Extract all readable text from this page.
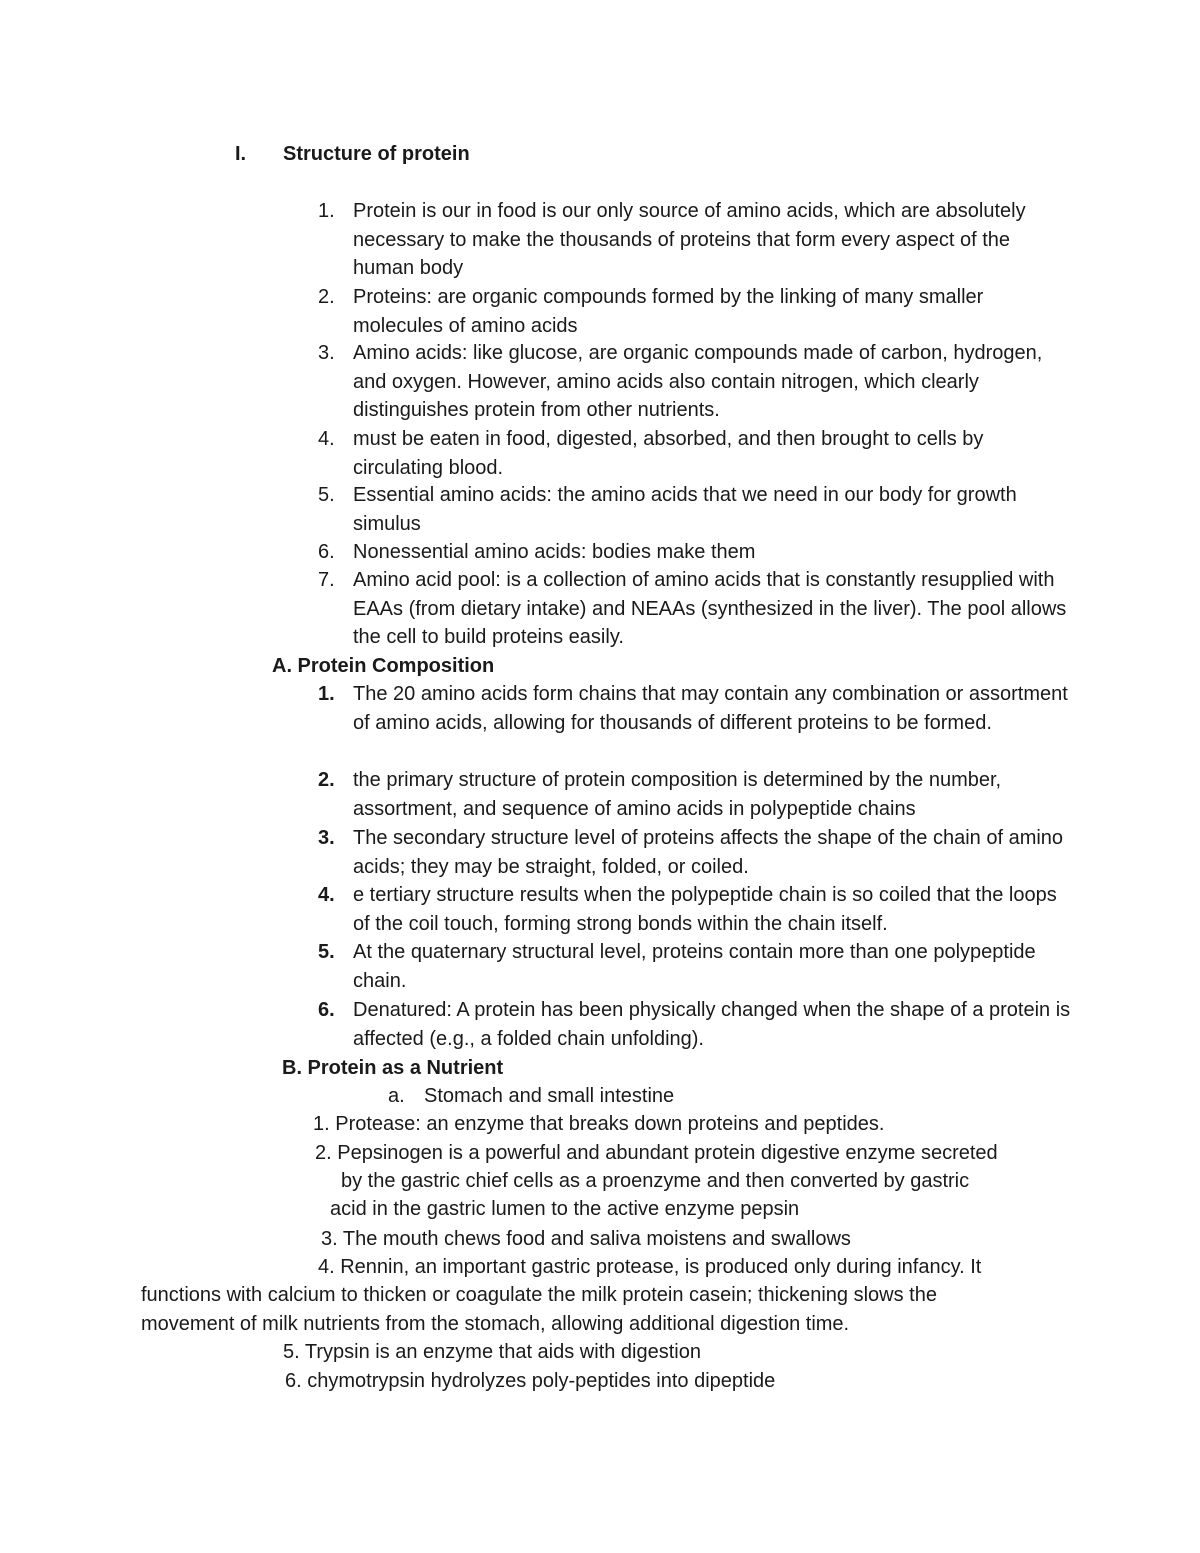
I. Structure of protein
1. Protein is our in food is our only source of amino acids, which are absolutely necessary to make the thousands of proteins that form every aspect of the human body
2. Proteins: are organic compounds formed by the linking of many smaller molecules of amino acids
3. Amino acids: like glucose, are organic compounds made of carbon, hydrogen, and oxygen. However, amino acids also contain nitrogen, which clearly distinguishes protein from other nutrients.
4. must be eaten in food, digested, absorbed, and then brought to cells by circulating blood.
5. Essential amino acids: the amino acids that we need in our body for growth simulus
6. Nonessential amino acids: bodies make them
7. Amino acid pool: is a collection of amino acids that is constantly resupplied with EAAs (from dietary intake) and NEAAs (synthesized in the liver). The pool allows the cell to build proteins easily.
A. Protein Composition
1. The 20 amino acids form chains that may contain any combination or assortment of amino acids, allowing for thousands of different proteins to be formed.
2. the primary structure of protein composition is determined by the number, assortment, and sequence of amino acids in polypeptide chains
3. The secondary structure level of proteins affects the shape of the chain of amino acids; they may be straight, folded, or coiled.
4. e tertiary structure results when the polypeptide chain is so coiled that the loops of the coil touch, forming strong bonds within the chain itself.
5. At the quaternary structural level, proteins contain more than one polypeptide chain.
6. Denatured: A protein has been physically changed when the shape of a protein is affected (e.g., a folded chain unfolding).
B. Protein as a Nutrient
a. Stomach and small intestine
1. Protease: an enzyme that breaks down proteins and peptides.
2. Pepsinogen is a powerful and abundant protein digestive enzyme secreted
by the gastric chief cells as a proenzyme and then converted by gastric
acid in the gastric lumen to the active enzyme pepsin
3. The mouth chews food and saliva moistens and swallows
4. Rennin, an important gastric protease, is produced only during infancy. It
functions with calcium to thicken or coagulate the milk protein casein; thickening slows the
movement of milk nutrients from the stomach, allowing additional digestion time.
5. Trypsin is an enzyme that aids with digestion
6. chymotrypsin hydrolyzes poly-peptides into dipeptide
